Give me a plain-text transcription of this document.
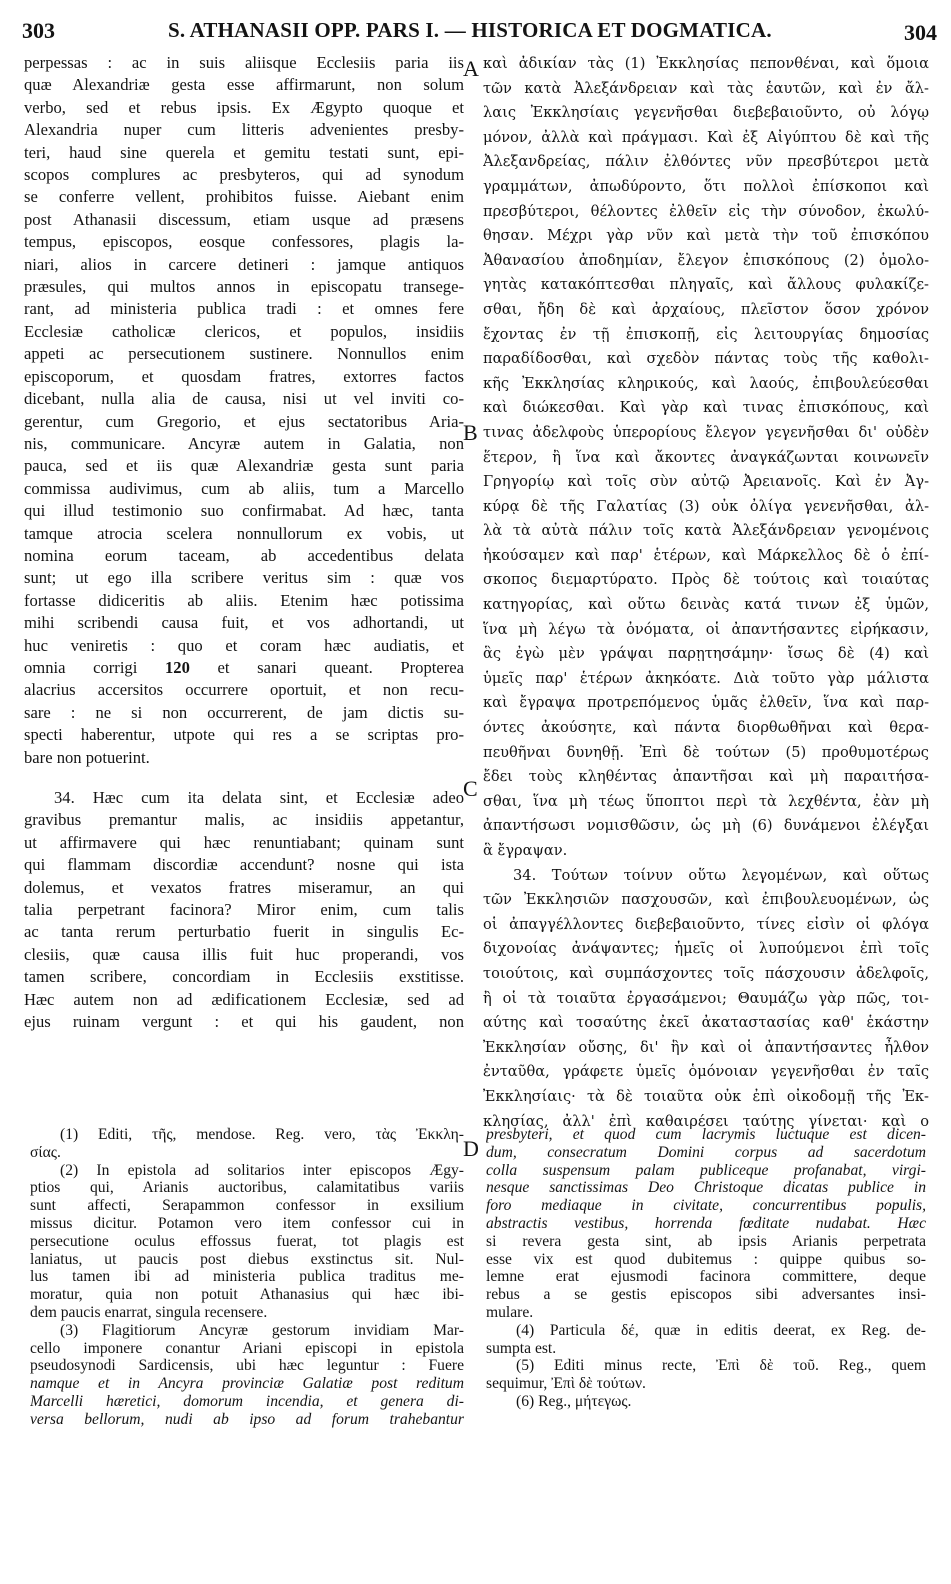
303	S. ATHANASII OPP. PARS I. — HISTORICA ET DOGMATICA.	304
A
B
C
D
perpessas : ac in suis aliisque Ecclesiis paria iis
quæ Alexandriæ gesta esse affirmarunt, non solum
verbo, sed et rebus ipsis. Ex Ægypto quoque et
Alexandria nuper cum litteris advenientes presby-
teri, haud sine querela et gemitu testati sunt, epi-
scopos complures ac presbyteros, qui ad synodum
se conferre vellent, prohibitos fuisse. Aiebant enim
post Athanasii discessum, etiam usque ad præsens
tempus, episcopos, eosque confessores, plagis la-
niari, alios in carcere detineri : jamque antiquos
præsules, qui multos annos in episcopatu transege-
rant, ad ministeria publica tradi : et omnes fere
Ecclesiæ catholicæ clericos, et populos, insidiis
appeti ac persecutionem sustinere. Nonnullos enim
episcoporum, et quosdam fratres, extorres factos
dicebant, nulla alia de causa, nisi ut vel inviti co-
gerentur, cum Gregorio, et ejus sectatoribus Aria-
nis, communicare. Ancyræ autem in Galatia, non
pauca, sed et iis quæ Alexandriæ gesta sunt paria
commissa audivimus, cum ab aliis, tum a Marcello
qui illud testimonio suo confirmabat. Ad hæc, tanta
tamque atrocia scelera nonnullorum ex vobis, ut
nomina eorum taceam, ab accedentibus delata
sunt; ut ego illa scribere veritus sim : quæ vos
fortasse didiceritis ab aliis. Etenim hæc potissima
mihi scribendi causa fuit, et vos adhortandi, ut
huc veniretis : quo et coram hæc audiatis, et
omnia corrigi 120 et sanari queant. Propterea
alacrius accersitos occurrere oportuit, et non recu-
sare : ne si non occurrerent, de jam dictis su-
specti haberentur, utpote qui res a se scriptas pro-
bare non potuerint.
34. Hæc cum ita delata sint, et Ecclesiæ adeo
gravibus premantur malis, ac insidiis appetantur,
ut affirmavere qui hæc renuntiabant; quinam sunt
qui flammam discordiæ accendunt? nosne qui ista
dolemus, et vexatos fratres miseramur, an qui
talia perpetrant facinora? Miror enim, cum talis
ac tanta rerum perturbatio fuerit in singulis Ec-
clesiis, quæ causa illis fuit huc properandi, vos
tamen scribere, concordiam in Ecclesiis exstitisse.
Hæc autem non ad ædificationem Ecclesiæ, sed ad
ejus ruinam vergunt : et qui his gaudent, non
καὶ ἀδικίαν τὰς (1) Ἐκκλησίας πεπονθέναι, καὶ ὅμοια
τῶν κατὰ Ἀλεξάνδρειαν καὶ τὰς ἑαυτῶν, καὶ ἐν ἄλ-
λαις Ἐκκλησίαις γεγενῆσθαι διεβεβαιοῦντο, οὐ λόγῳ
μόνον, ἀλλὰ καὶ πράγμασι. Καὶ ἐξ Αἰγύπτου δὲ καὶ τῆς
Ἀλεξανδρείας, πάλιν ἐλθόντες νῦν πρεσβύτεροι μετὰ
γραμμάτων, ἀπωδύροντο, ὅτι πολλοὶ ἐπίσκοποι καὶ
πρεσβύτεροι, θέλοντες ἐλθεῖν εἰς τὴν σύνοδον, ἐκωλύ-
θησαν. Μέχρι γὰρ νῦν καὶ μετὰ τὴν τοῦ ἐπισκόπου
Ἀθανασίου ἀποδημίαν, ἔλεγον ἐπισκόπους (2) ὁμολο-
γητὰς κατακόπτεσθαι πληγαῖς, καὶ ἄλλους φυλακίζε-
σθαι, ἤδη δὲ καὶ ἀρχαίους, πλεῖστον ὅσον χρόνον
ἔχοντας ἐν τῇ ἐπισκοπῇ, εἰς λειτουργίας δημοσίας
παραδίδοσθαι, καὶ σχεδὸν πάντας τοὺς τῆς καθολι-
κῆς Ἐκκλησίας κληρικούς, καὶ λαούς, ἐπιβουλεύεσθαι
καὶ διώκεσθαι. Καὶ γὰρ καὶ τινας ἐπισκόπους, καὶ
τινας ἀδελφοὺς ὑπερορίους ἔλεγον γεγενῆσθαι δι' οὐδὲν
ἕτερον, ἢ ἵνα καὶ ἄκοντες ἀναγκάζωνται κοινωνεῖν
Γρηγορίῳ καὶ τοῖς σὺν αὐτῷ Ἀρειανοῖς. Καὶ ἐν Ἀγ-
κύρᾳ δὲ τῆς Γαλατίας (3) οὐκ ὀλίγα γενενῆσθαι, ἀλ-
λὰ τὰ αὐτὰ πάλιν τοῖς κατὰ Ἀλεξάνδρειαν γενομένοις
ἠκούσαμεν καὶ παρ' ἑτέρων, καὶ Μάρκελλος δὲ ὁ ἐπί-
σκοπος διεμαρτύρατο. Πρὸς δὲ τούτοις καὶ τοιαύτας
κατηγορίας, καὶ οὕτω δεινὰς κατά τινων ἐξ ὑμῶν,
ἵνα μὴ λέγω τὰ ὀνόματα, οἱ ἀπαντήσαντες εἰρήκασιν,
ἃς ἐγὼ μὲν γράψαι παρῃτησάμην· ἴσως δὲ (4) καὶ
ὑμεῖς παρ' ἑτέρων ἀκηκόατε. Διὰ τοῦτο γὰρ μάλιστα
καὶ ἔγραψα προτρεπόμενος ὑμᾶς ἐλθεῖν, ἵνα καὶ παρ-
όντες ἀκούσητε, καὶ πάντα διορθωθῆναι καὶ θερα-
πευθῆναι δυνηθῇ. Ἐπὶ δὲ τούτων (5) προθυμοτέρως
ἔδει τοὺς κληθέντας ἀπαντῆσαι καὶ μὴ παραιτήσα-
σθαι, ἵνα μὴ τέως ὕποπτοι περὶ τὰ λεχθέντα, ἐὰν μὴ
ἀπαντήσωσι νομισθῶσιν, ὡς μὴ (6) δυνάμενοι ἐλέγξαι
ἃ ἔγραψαν.
34. Τούτων τοίνυν οὕτω λεγομένων, καὶ οὕτως
τῶν Ἐκκλησιῶν πασχουσῶν, καὶ ἐπιβουλευομένων, ὡς
οἱ ἀπαγγέλλοντες διεβεβαιοῦντο, τίνες εἰσὶν οἱ φλόγα
διχονοίας ἀνάψαντες; ἡμεῖς οἱ λυπούμενοι ἐπὶ τοῖς
τοιούτοις, καὶ συμπάσχοντες τοῖς πάσχουσιν ἀδελφοῖς,
ἢ οἱ τὰ τοιαῦτα ἐργασάμενοι; Θαυμάζω γὰρ πῶς, τοι-
αύτης καὶ τοσαύτης ἐκεῖ ἀκαταστασίας καθ' ἑκάστην
Ἐκκλησίαν οὔσης, δι' ἣν καὶ οἱ ἀπαντήσαντες ἦλθον
ἐνταῦθα, γράφετε ὑμεῖς ὁμόνοιαν γεγενῆσθαι ἐν ταῖς
Ἐκκλησίαις· τὰ δὲ τοιαῦτα οὐκ ἐπὶ οἰκοδομῇ τῆς Ἐκ-
κλησίας, ἀλλ' ἐπὶ καθαιρέσει ταύτης γίνεται· καὶ ο
(1) Editi, τῆς, mendose. Reg. vero, τὰς Ἐκκλη-
σίας.
(2) In epistola ad solitarios inter episcopos Ægy-
ptios qui, Arianis auctoribus, calamitatibus variis
sunt affecti, Serapammon confessor in exsilium
missus dicitur. Potamon vero item confessor cui in
persecutione oculus effossus fuerat, tot plagis est
laniatus, ut paucis post diebus exstinctus sit. Nul-
lus tamen ibi ad ministeria publica traditus me-
moratur, quia non potuit Athanasius qui hæc ibi-
dem paucis enarrat, singula recensere.
(3) Flagitiorum Ancyræ gestorum invidiam Mar-
cello imponere conantur Ariani episcopi in epistola
pseudosynodi Sardicensis, ubi hæc leguntur : Fuere
namque et in Ancyra provinciæ Galatiæ post reditum
Marcelli hæretici, domorum incendia, et genera di-
versa bellorum, nudi ab ipso ad forum trahebantur
presbyteri, et quod cum lacrymis luctuque est dicen-
dum, consecratum Domini corpus ad sacerdotum
colla suspensum palam publiceque profanabat, virgi-
nesque sanctissimas Deo Christoque dicatas publice in
foro mediaque in civitate, concurrentibus populis,
abstractis vestibus, horrenda fœditate nudabat. Hæc
si revera gesta sint, ab ipsis Arianis perpetrata
esse vix est quod dubitemus : quippe quibus so-
lemne erat ejusmodi facinora committere, deque
rebus a se gestis episcopos sibi adversantes insi-
mulare.
(4) Particula δέ, quæ in editis deerat, ex Reg. de-
sumpta est.
(5) Editi minus recte, Ἐπὶ δὲ τοῦ. Reg., quem
sequimur, Ἐπὶ δὲ τούτων.
(6) Reg., μήτεγως.
